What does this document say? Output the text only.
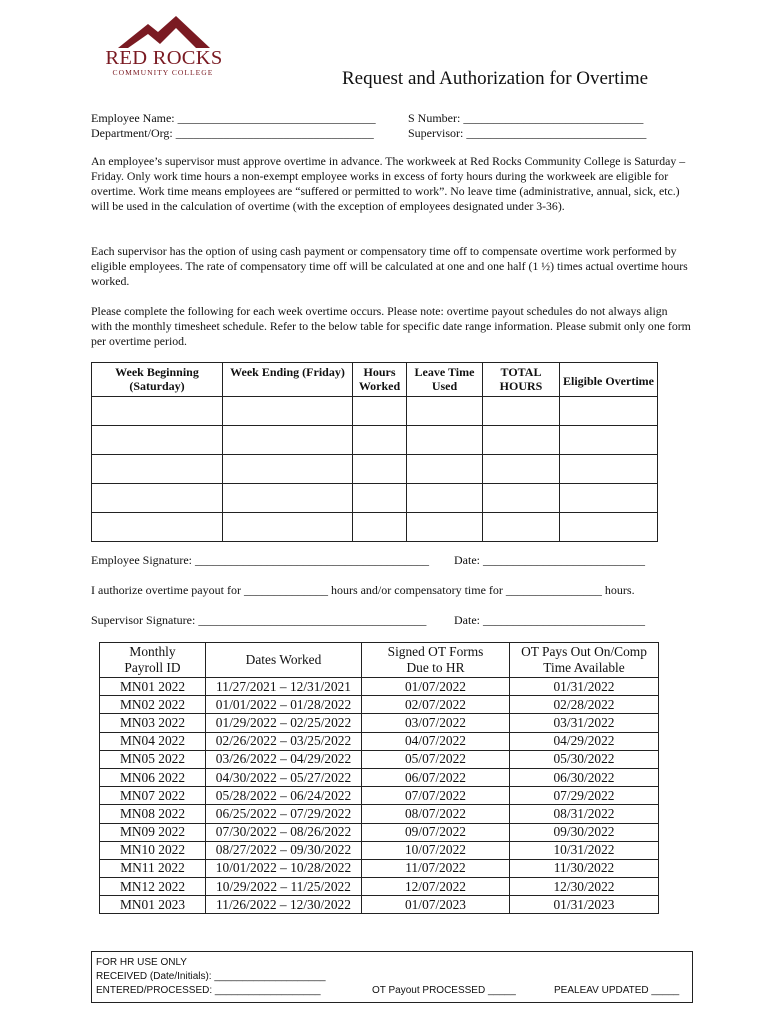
RED ROCKS
COMMUNITY COLLEGE	Request and Authorization for Overtime
Employee Name: _________________________________	S Number: ______________________________
Department/Org: _________________________________	Supervisor: ______________________________
An employee’s supervisor must approve overtime in advance. The workweek at Red Rocks Community College is Saturday – Friday. Only work time hours a non-exempt employee works in excess of forty hours during the workweek are eligible for overtime. Work time means employees are “suffered or permitted to work”. No leave time (administrative, annual, sick, etc.) will be used in the calculation of overtime (with the exception of employees designated under 3-36).
Each supervisor has the option of using cash payment or compensatory time off to compensate overtime work performed by eligible employees. The rate of compensatory time off will be calculated at one and one half (1 ½) times actual overtime hours worked.
Please complete the following for each week overtime occurs. Please note: overtime payout schedules do not always align with the monthly timesheet schedule. Refer to the below table for specific date range information. Please submit only one form per overtime period.
Week Beginning (Saturday)	Week Ending (Friday)	Hours Worked	Leave Time Used	TOTAL HOURS	Eligible Overtime

Employee Signature: _______________________________________ Date: ___________________________
I authorize overtime payout for ______________ hours and/or compensatory time for ________________ hours.
Supervisor Signature: ______________________________________ Date: ___________________________
Monthly Payroll ID	Dates Worked	Signed OT Forms Due to HR	OT Pays Out On/Comp Time Available
MN01 2022	11/27/2021 – 12/31/2021	01/07/2022	01/31/2022
MN02 2022	01/01/2022 – 01/28/2022	02/07/2022	02/28/2022
MN03 2022	01/29/2022 – 02/25/2022	03/07/2022	03/31/2022
MN04 2022	02/26/2022 – 03/25/2022	04/07/2022	04/29/2022
MN05 2022	03/26/2022 – 04/29/2022	05/07/2022	05/30/2022
MN06 2022	04/30/2022 – 05/27/2022	06/07/2022	06/30/2022
MN07 2022	05/28/2022 – 06/24/2022	07/07/2022	07/29/2022
MN08 2022	06/25/2022 – 07/29/2022	08/07/2022	08/31/2022
MN09 2022	07/30/2022 – 08/26/2022	09/07/2022	09/30/2022
MN10 2022	08/27/2022 – 09/30/2022	10/07/2022	10/31/2022
MN11 2022	10/01/2022 – 10/28/2022	11/07/2022	11/30/2022
MN12 2022	10/29/2022 – 11/25/2022	12/07/2022	12/30/2022
MN01 2023	11/26/2022 – 12/30/2022	01/07/2023	01/31/2023
FOR HR USE ONLY
RECEIVED (Date/Initials): ____________________
ENTERED/PROCESSED: ___________________	OT Payout PROCESSED _____	PEALEAV UPDATED _____
